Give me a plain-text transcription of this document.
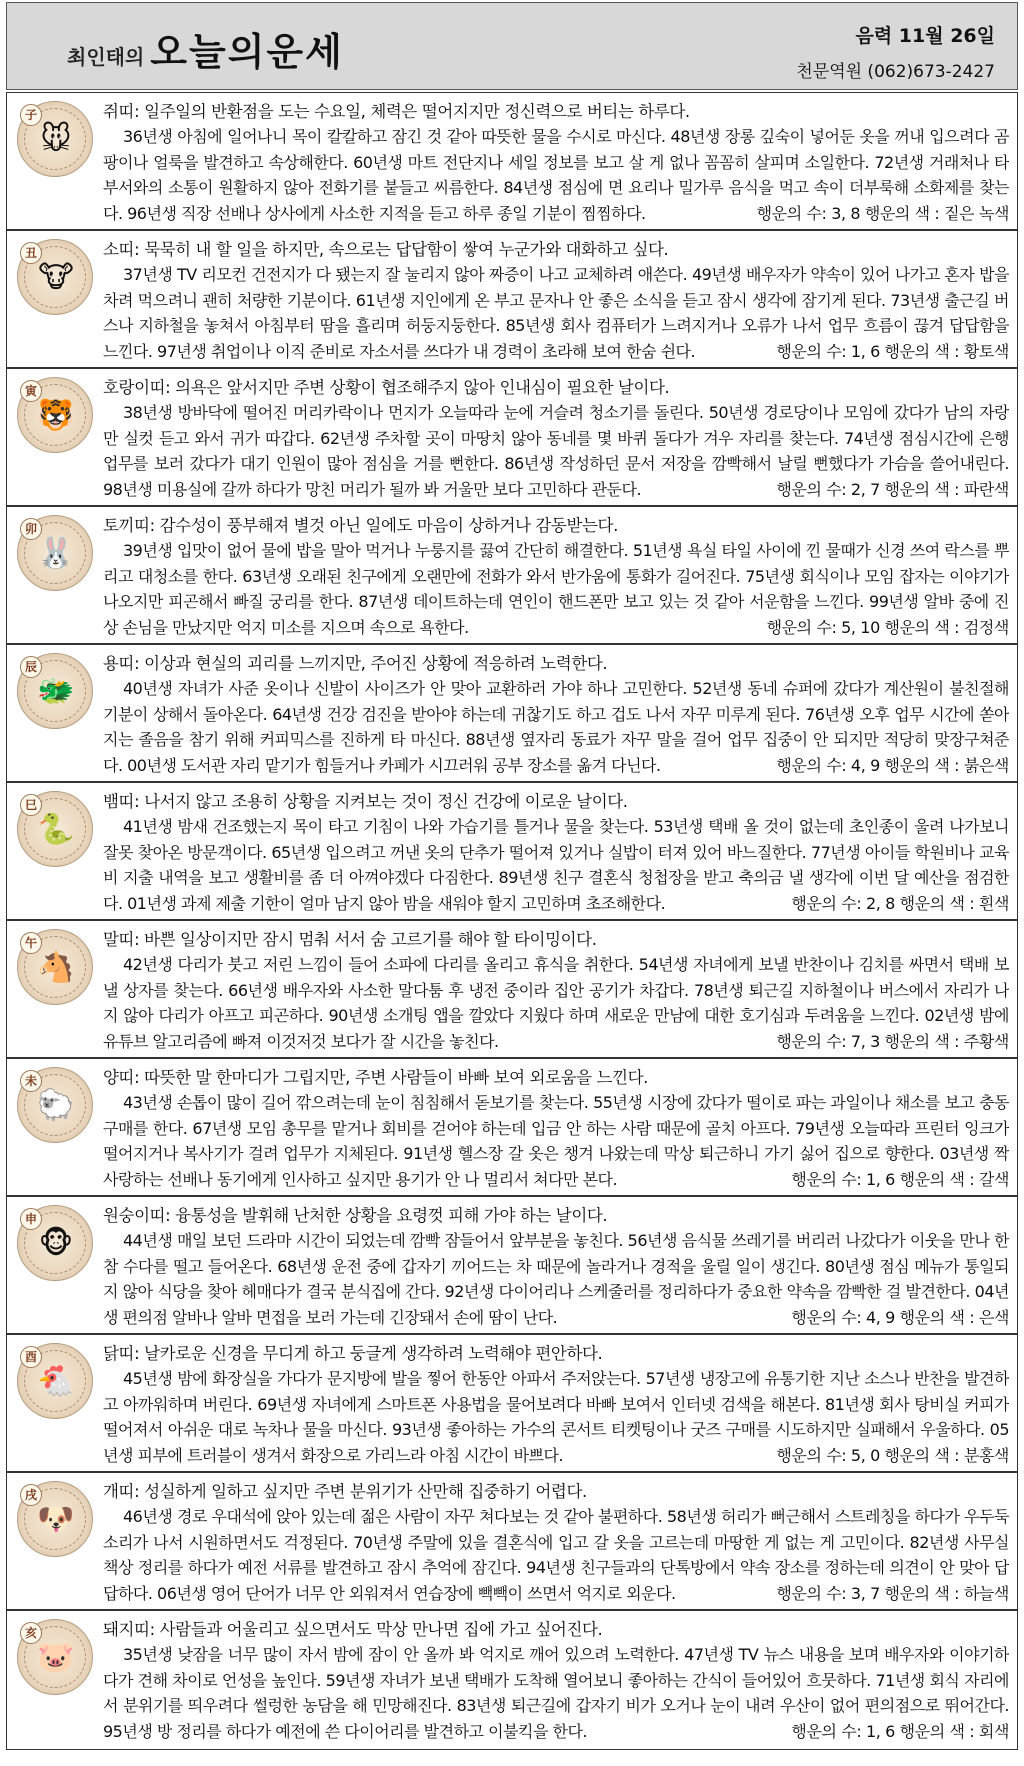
최인태의 오늘의운세	음력 11월 26일
천문역원 (062)673-2427
🐭
子	쥐띠: 일주일의 반환점을 도는 수요일, 체력은 떨어지지만 정신력으로 버티는 하루다.

36년생 아침에 일어나니 목이 칼칼하고 잠긴 것 같아 따뜻한 물을 수시로 마신다. 48년생 장롱 깊숙이 넣어둔 옷을 꺼내 입으려다 곰팡이나 얼룩을 발견하고 속상해한다. 60년생 마트 전단지나 세일 정보를 보고 살 게 없나 꼼꼼히 살피며 소일한다. 72년생 거래처나 타부서와의 소통이 원활하지 않아 전화기를 붙들고 씨름한다. 84년생 점심에 면 요리나 밀가루 음식을 먹고 속이 더부룩해 소화제를 찾는다. 96년생 직장 선배나 상사에게 사소한 지적을 듣고 하루 종일 기분이 찜찜하다.	행운의 수: 3, 8 행운의 색 : 짙은 녹색

🐮
丑	소띠: 묵묵히 내 할 일을 하지만, 속으로는 답답함이 쌓여 누군가와 대화하고 싶다.

37년생 TV 리모컨 건전지가 다 됐는지 잘 눌리지 않아 짜증이 나고 교체하려 애쓴다. 49년생 배우자가 약속이 있어 나가고 혼자 밥을 차려 먹으려니 괜히 처량한 기분이다. 61년생 지인에게 온 부고 문자나 안 좋은 소식을 듣고 잠시 생각에 잠기게 된다. 73년생 출근길 버스나 지하철을 놓쳐서 아침부터 땀을 흘리며 허둥지둥한다. 85년생 회사 컴퓨터가 느려지거나 오류가 나서 업무 흐름이 끊겨 답답함을 느낀다. 97년생 취업이나 이직 준비로 자소서를 쓰다가 내 경력이 초라해 보여 한숨 쉰다.	행운의 수: 1, 6 행운의 색 : 황토색

🐯
寅	호랑이띠: 의욕은 앞서지만 주변 상황이 협조해주지 않아 인내심이 필요한 날이다.

38년생 방바닥에 떨어진 머리카락이나 먼지가 오늘따라 눈에 거슬려 청소기를 돌린다. 50년생 경로당이나 모임에 갔다가 남의 자랑만 실컷 듣고 와서 귀가 따갑다. 62년생 주차할 곳이 마땅치 않아 동네를 몇 바퀴 돌다가 겨우 자리를 찾는다. 74년생 점심시간에 은행 업무를 보러 갔다가 대기 인원이 많아 점심을 거를 뻔한다. 86년생 작성하던 문서 저장을 깜빡해서 날릴 뻔했다가 가슴을 쓸어내린다. 98년생 미용실에 갈까 하다가 망친 머리가 될까 봐 거울만 보다 고민하다 관둔다.	행운의 수: 2, 7 행운의 색 : 파란색

🐰
卯	토끼띠: 감수성이 풍부해져 별것 아닌 일에도 마음이 상하거나 감동받는다.

39년생 입맛이 없어 물에 밥을 말아 먹거나 누룽지를 끓여 간단히 해결한다. 51년생 욕실 타일 사이에 낀 물때가 신경 쓰여 락스를 뿌리고 대청소를 한다. 63년생 오래된 친구에게 오랜만에 전화가 와서 반가움에 통화가 길어진다. 75년생 회식이나 모임 잡자는 이야기가 나오지만 피곤해서 빠질 궁리를 한다. 87년생 데이트하는데 연인이 핸드폰만 보고 있는 것 같아 서운함을 느낀다. 99년생 알바 중에 진상 손님을 만났지만 억지 미소를 지으며 속으로 욕한다.	행운의 수: 5, 10 행운의 색 : 검정색

🐲
辰	용띠: 이상과 현실의 괴리를 느끼지만, 주어진 상황에 적응하려 노력한다.

40년생 자녀가 사준 옷이나 신발이 사이즈가 안 맞아 교환하러 가야 하나 고민한다. 52년생 동네 슈퍼에 갔다가 계산원이 불친절해 기분이 상해서 돌아온다. 64년생 건강 검진을 받아야 하는데 귀찮기도 하고 겁도 나서 자꾸 미루게 된다. 76년생 오후 업무 시간에 쏟아지는 졸음을 참기 위해 커피믹스를 진하게 타 마신다. 88년생 옆자리 동료가 자꾸 말을 걸어 업무 집중이 안 되지만 적당히 맞장구쳐준다. 00년생 도서관 자리 맡기가 힘들거나 카페가 시끄러워 공부 장소를 옮겨 다닌다.	행운의 수: 4, 9 행운의 색 : 붉은색

🐍
巳	뱀띠: 나서지 않고 조용히 상황을 지켜보는 것이 정신 건강에 이로운 날이다.

41년생 밤새 건조했는지 목이 타고 기침이 나와 가습기를 틀거나 물을 찾는다. 53년생 택배 올 것이 없는데 초인종이 울려 나가보니 잘못 찾아온 방문객이다. 65년생 입으려고 꺼낸 옷의 단추가 떨어져 있거나 실밥이 터져 있어 바느질한다. 77년생 아이들 학원비나 교육비 지출 내역을 보고 생활비를 좀 더 아껴야겠다 다짐한다. 89년생 친구 결혼식 청첩장을 받고 축의금 낼 생각에 이번 달 예산을 점검한다. 01년생 과제 제출 기한이 얼마 남지 않아 밤을 새워야 할지 고민하며 초조해한다.	행운의 수: 2, 8 행운의 색 : 흰색

🐴
午	말띠: 바쁜 일상이지만 잠시 멈춰 서서 숨 고르기를 해야 할 타이밍이다.

42년생 다리가 붓고 저린 느낌이 들어 소파에 다리를 올리고 휴식을 취한다. 54년생 자녀에게 보낼 반찬이나 김치를 싸면서 택배 보낼 상자를 찾는다. 66년생 배우자와 사소한 말다툼 후 냉전 중이라 집안 공기가 차갑다. 78년생 퇴근길 지하철이나 버스에서 자리가 나지 않아 다리가 아프고 피곤하다. 90년생 소개팅 앱을 깔았다 지웠다 하며 새로운 만남에 대한 호기심과 두려움을 느낀다. 02년생 밤에 유튜브 알고리즘에 빠져 이것저것 보다가 잘 시간을 놓친다.	행운의 수: 7, 3 행운의 색 : 주황색

🐑
未	양띠: 따뜻한 말 한마디가 그립지만, 주변 사람들이 바빠 보여 외로움을 느낀다.

43년생 손톱이 많이 길어 깎으려는데 눈이 침침해서 돋보기를 찾는다. 55년생 시장에 갔다가 떨이로 파는 과일이나 채소를 보고 충동구매를 한다. 67년생 모임 총무를 맡거나 회비를 걷어야 하는데 입금 안 하는 사람 때문에 골치 아프다. 79년생 오늘따라 프린터 잉크가 떨어지거나 복사기가 걸려 업무가 지체된다. 91년생 헬스장 갈 옷은 챙겨 나왔는데 막상 퇴근하니 가기 싫어 집으로 향한다. 03년생 짝사랑하는 선배나 동기에게 인사하고 싶지만 용기가 안 나 멀리서 쳐다만 본다.	행운의 수: 1, 6 행운의 색 : 갈색

🐵
申	원숭이띠: 융통성을 발휘해 난처한 상황을 요령껏 피해 가야 하는 날이다.

44년생 매일 보던 드라마 시간이 되었는데 깜빡 잠들어서 앞부분을 놓친다. 56년생 음식물 쓰레기를 버리러 나갔다가 이웃을 만나 한참 수다를 떨고 들어온다. 68년생 운전 중에 갑자기 끼어드는 차 때문에 놀라거나 경적을 울릴 일이 생긴다. 80년생 점심 메뉴가 통일되지 않아 식당을 찾아 헤매다가 결국 분식집에 간다. 92년생 다이어리나 스케줄러를 정리하다가 중요한 약속을 깜빡한 걸 발견한다. 04년생 편의점 알바나 알바 면접을 보러 가는데 긴장돼서 손에 땀이 난다.	행운의 수: 4, 9 행운의 색 : 은색

🐔
酉	닭띠: 날카로운 신경을 무디게 하고 둥글게 생각하려 노력해야 편안하다.

45년생 밤에 화장실을 가다가 문지방에 발을 찧어 한동안 아파서 주저앉는다. 57년생 냉장고에 유통기한 지난 소스나 반찬을 발견하고 아까워하며 버린다. 69년생 자녀에게 스마트폰 사용법을 물어보려다 바빠 보여서 인터넷 검색을 해본다. 81년생 회사 탕비실 커피가 떨어져서 아쉬운 대로 녹차나 물을 마신다. 93년생 좋아하는 가수의 콘서트 티켓팅이나 굿즈 구매를 시도하지만 실패해서 우울하다. 05년생 피부에 트러블이 생겨서 화장으로 가리느라 아침 시간이 바쁘다.	행운의 수: 5, 0 행운의 색 : 분홍색

🐶
戌	개띠: 성실하게 일하고 싶지만 주변 분위기가 산만해 집중하기 어렵다.

46년생 경로 우대석에 앉아 있는데 젊은 사람이 자꾸 쳐다보는 것 같아 불편하다. 58년생 허리가 뻐근해서 스트레칭을 하다가 우두둑 소리가 나서 시원하면서도 걱정된다. 70년생 주말에 있을 결혼식에 입고 갈 옷을 고르는데 마땅한 게 없는 게 고민이다. 82년생 사무실 책상 정리를 하다가 예전 서류를 발견하고 잠시 추억에 잠긴다. 94년생 친구들과의 단톡방에서 약속 장소를 정하는데 의견이 안 맞아 답답하다. 06년생 영어 단어가 너무 안 외워져서 연습장에 빽빽이 쓰면서 억지로 외운다.	행운의 수: 3, 7 행운의 색 : 하늘색

🐷
亥	돼지띠: 사람들과 어울리고 싶으면서도 막상 만나면 집에 가고 싶어진다.

35년생 낮잠을 너무 많이 자서 밤에 잠이 안 올까 봐 억지로 깨어 있으려 노력한다. 47년생 TV 뉴스 내용을 보며 배우자와 이야기하다가 견해 차이로 언성을 높인다. 59년생 자녀가 보낸 택배가 도착해 열어보니 좋아하는 간식이 들어있어 흐뭇하다. 71년생 회식 자리에서 분위기를 띄우려다 썰렁한 농담을 해 민망해진다. 83년생 퇴근길에 갑자기 비가 오거나 눈이 내려 우산이 없어 편의점으로 뛰어간다. 95년생 방 정리를 하다가 예전에 쓴 다이어리를 발견하고 이불킥을 한다.	행운의 수: 1, 6 행운의 색 : 회색
